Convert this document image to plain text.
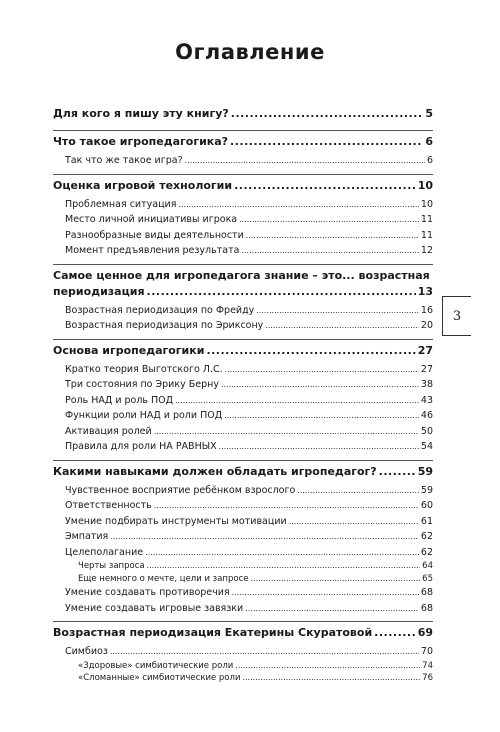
Оглавление
Для кого я пишу эту книгу? .....	5
Что такое игропедагогика? .....	6
Так что же такое игра? .....	6
Оценка игровой технологии .....	10
Проблемная ситуация .....	10
Место личной инициативы игрока .....	11
Разнообразные виды деятельности .....	11
Момент предъявления результата .....	12
Самое ценное для игропедагога знание – это... возрастная
периодизация .....	13
Возрастная периодизация по Фрейду .....	16
Возрастная периодизация по Эриксону .....	20
Основа игропедагогики .....	27
Кратко теория Выготского Л.С. .....	27
Три состояния по Эрику Берну .....	38
Роль НАД и роль ПОД .....	43
Функции роли НАД и роли ПОД .....	46
Активация ролей .....	50
Правила для роли НА РАВНЫХ .....	54
Какими навыками должен обладать игропедагог? .....	59
Чувственное восприятие ребёнком взрослого .....	59
Ответственность .....	60
Умение подбирать инструменты мотивации .....	61
Эмпатия .....	62
Целеполагание .....	62
Черты запроса .....	64
Еще немного о мечте, цели и запросе .....	65
Умение создавать противоречия .....	68
Умение создавать игровые завязки .....	68
Возрастная периодизация Екатерины Скуратовой .....	69
Симбиоз .....	70
«Здоровые» симбиотические роли .....	74
«Сломанные» симбиотические роли .....	76
3
